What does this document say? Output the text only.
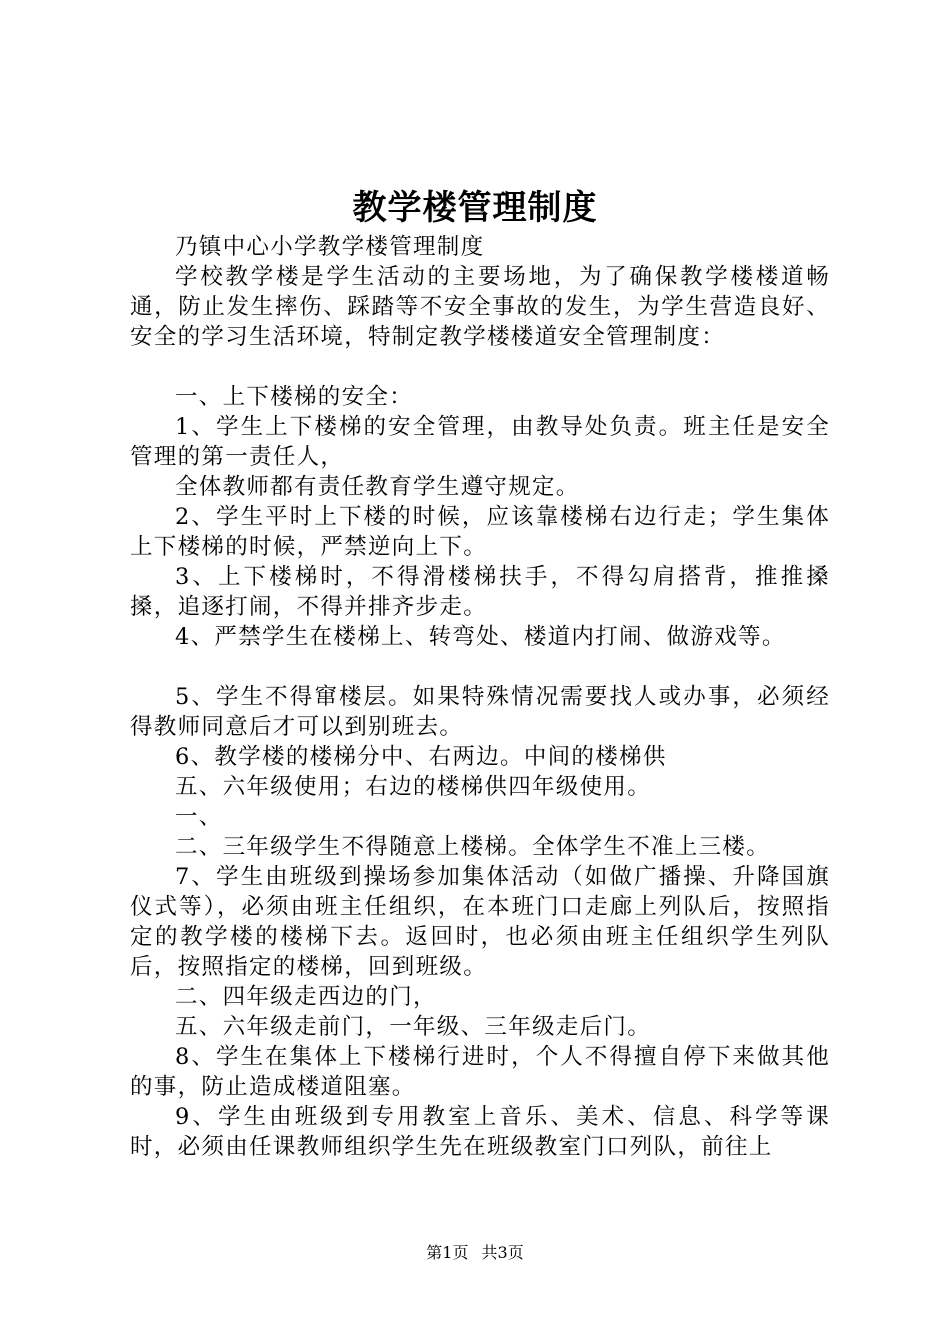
教学楼管理制度

乃镇中心小学教学楼管理制度

学校教学楼是学生活动的主要场地，为了确保教学楼楼道畅通，防止发生摔伤、踩踏等不安全事故的发生，为学生营造良好、安全的学习生活环境，特制定教学楼楼道安全管理制度：

一、上下楼梯的安全：

1、学生上下楼梯的安全管理，由教导处负责。班主任是安全管理的第一责任人，

全体教师都有责任教育学生遵守规定。

2、学生平时上下楼的时候，应该靠楼梯右边行走；学生集体上下楼梯的时候，严禁逆向上下。

3、上下楼梯时，不得滑楼梯扶手，不得勾肩搭背，推推搡搡，追逐打闹，不得并排齐步走。

4、严禁学生在楼梯上、转弯处、楼道内打闹、做游戏等。

5、学生不得窜楼层。如果特殊情况需要找人或办事，必须经得教师同意后才可以到别班去。

6、教学楼的楼梯分中、右两边。中间的楼梯供

五、六年级使用；右边的楼梯供四年级使用。

一、

二、三年级学生不得随意上楼梯。全体学生不准上三楼。

7、学生由班级到操场参加集体活动（如做广播操、升降国旗仪式等），必须由班主任组织，在本班门口走廊上列队后，按照指定的教学楼的楼梯下去。返回时，也必须由班主任组织学生列队后，按照指定的楼梯，回到班级。

二、四年级走西边的门，

五、六年级走前门，一年级、三年级走后门。

8、学生在集体上下楼梯行进时，个人不得擅自停下来做其他的事，防止造成楼道阻塞。

9、学生由班级到专用教室上音乐、美术、信息、科学等课时，必须由任课教师组织学生先在班级教室门口列队，前往上

第1页 共3页
